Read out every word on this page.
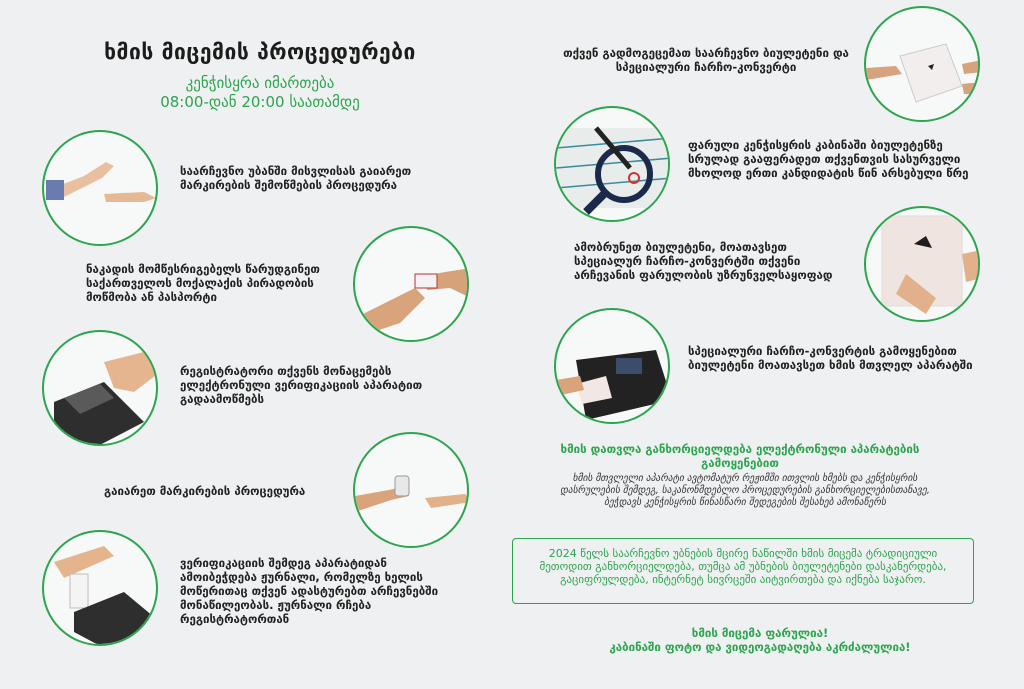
ხმის მიცემის პროცედურები
კენჭისყრა იმართება
08:00-დან 20:00 საათამდე
საარჩევნო უბანში მისვლისას გაიარეთ მარკირების შემოწმების პროცედურა
ნაკადის მომწესრიგებელს წარუდგინეთ საქართველოს მოქალაქის პირადობის მოწმობა ან პასპორტი
რეგისტრატორი თქვენს მონაცემებს ელექტრონული ვერიფიკაციის აპარატით გადაამოწმებს
გაიარეთ მარკირების პროცედურა
ვერიფიკაციის შემდეგ აპარატიდან ამოიბეჭდება ჟურნალი, რომელზე ხელის მოწერითაც თქვენ ადასტურებთ არჩევნებში მონაწილეობას. ჟურნალი რჩება რეგისტრატორთან
თქვენ გადმოგეცემათ საარჩევნო ბიულეტენი და სპეციალური ჩარჩო-კონვერტი
ფარული კენჭისყრის კაბინაში ბიულეტენზე სრულად გააფერადეთ თქვენთვის სასურველი მხოლოდ ერთი კანდიდატის წინ არსებული წრე
ამობრუნეთ ბიულეტენი, მოათავსეთ სპეციალურ ჩარჩო-კონვერტში თქვენი არჩევანის ფარულობის უზრუნველსაყოფად
სპეციალური ჩარჩო-კონვერტის გამოყენებით ბიულეტენი მოათავსეთ ხმის მთვლელ აპარატში
ხმის დათვლა განხორციელდება ელექტრონული აპარატების გამოყენებით
ხმის მთვლელი აპარატი ავტომატურ რეჟიმში ითვლის ხმებს და კენჭისყრის დასრულების შემდეგ, საკანონმდებლო პროცედურების განხორციელებისთანავე, ბეჭდავს კენჭისყრის წინასწარი შედეგების შესახებ ამონაწერს
2024 წელს საარჩევნო უბნების მცირე ნაწილში ხმის მიცემა ტრადიციული მეთოდით განხორციელდება, თუმცა ამ უბნების ბიულეტენები დასკანერდება, გაციფრულდება, ინტერნეტ სივრცეში აიტვირთება და იქნება საჯარო.
ხმის მიცემა ფარულია!
კაბინაში ფოტო და ვიდეოგადაღება აკრძალულია!
